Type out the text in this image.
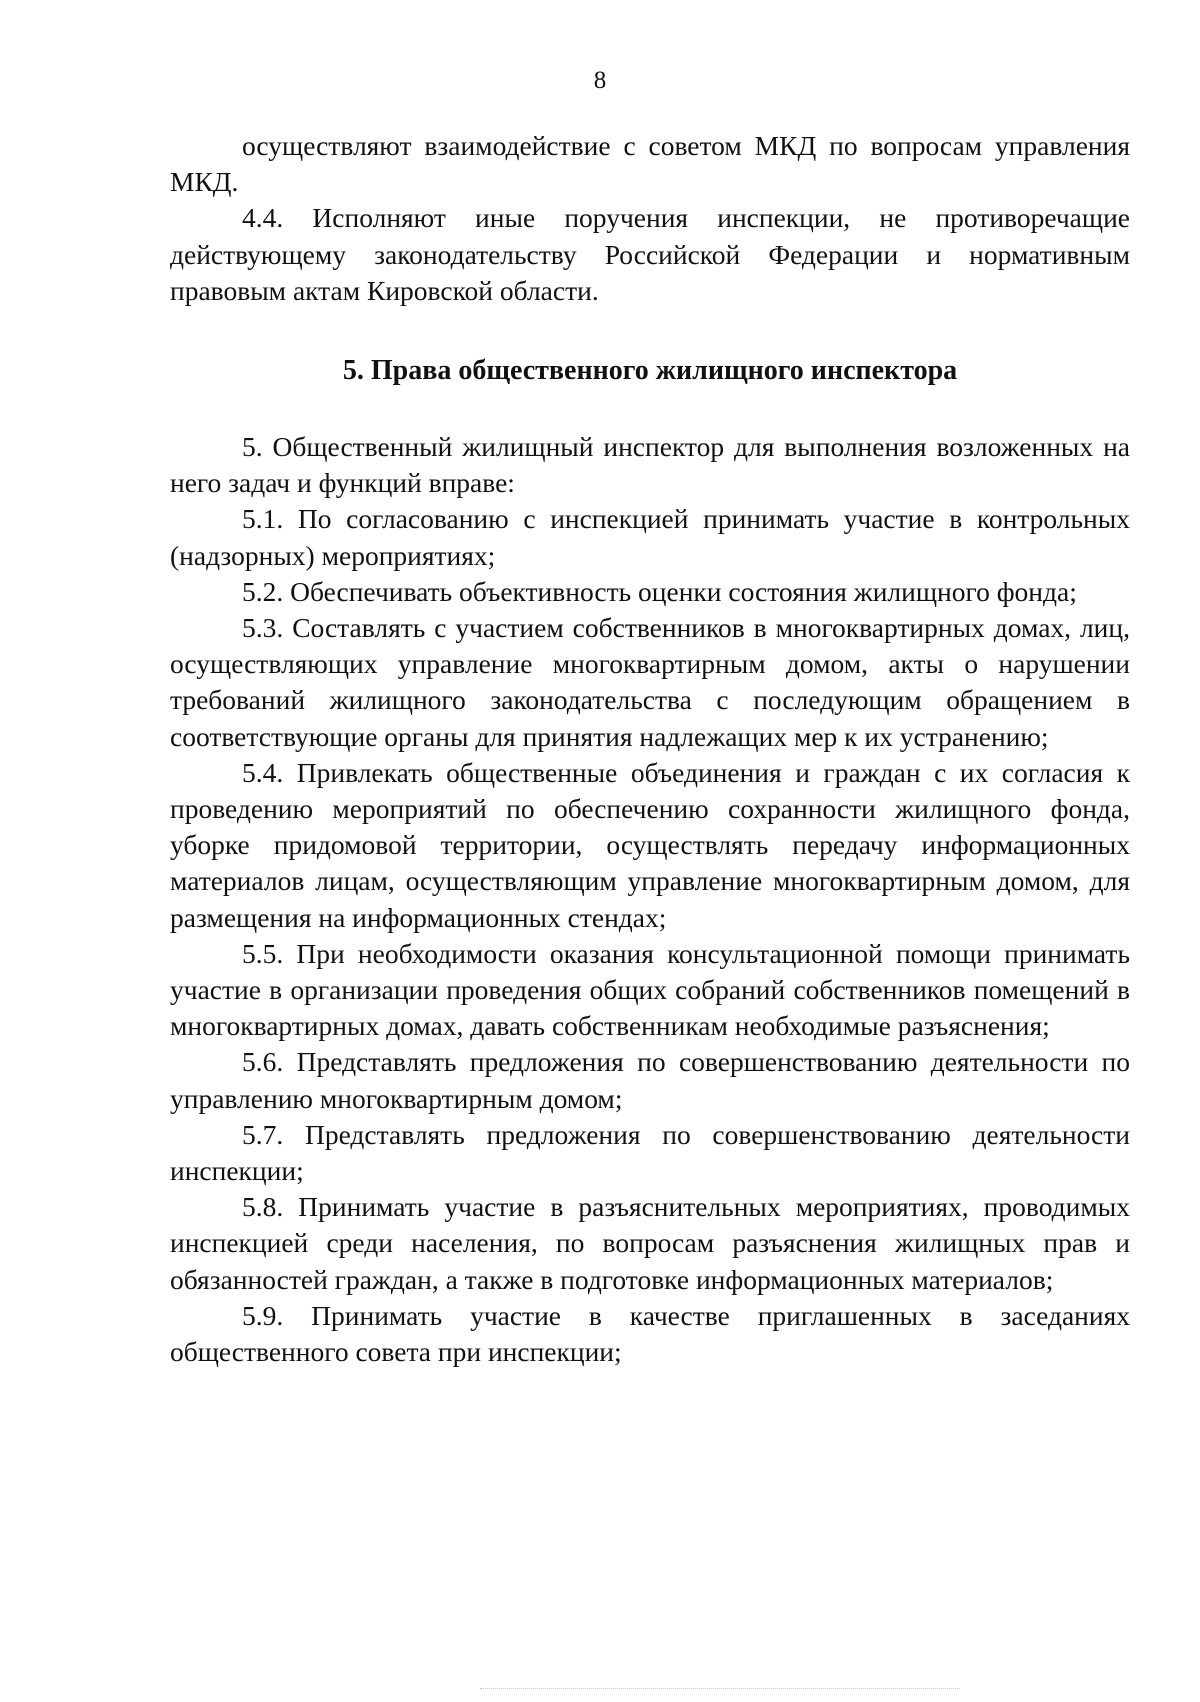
8

осуществляют взаимодействие с советом МКД по вопросам управления МКД.

4.4. Исполняют иные поручения инспекции, не противоречащие действующему законодательству Российской Федерации и нормативным правовым актам Кировской области.

5. Права общественного жилищного инспектора

5. Общественный жилищный инспектор для выполнения возложенных на него задач и функций вправе:

5.1. По согласованию с инспекцией принимать участие в контрольных (надзорных) мероприятиях;

5.2. Обеспечивать объективность оценки состояния жилищного фонда;

5.3. Составлять с участием собственников в многоквартирных домах, лиц, осуществляющих управление многоквартирным домом, акты о нарушении требований жилищного законодательства с последующим обращением в соответствующие органы для принятия надлежащих мер к их устранению;

5.4. Привлекать общественные объединения и граждан с их согласия к проведению мероприятий по обеспечению сохранности жилищного фонда, уборке придомовой территории, осуществлять передачу информационных материалов лицам, осуществляющим управление многоквартирным домом, для размещения на информационных стендах;

5.5. При необходимости оказания консультационной помощи принимать участие в организации проведения общих собраний собственников помещений в многоквартирных домах, давать собственникам необходимые разъяснения;

5.6. Представлять предложения по совершенствованию деятельности по управлению многоквартирным домом;

5.7. Представлять предложения по совершенствованию деятельности инспекции;

5.8. Принимать участие в разъяснительных мероприятиях, проводимых инспекцией среди населения, по вопросам разъяснения жилищных прав и обязанностей граждан, а также в подготовке информационных материалов;

5.9. Принимать участие в качестве приглашенных в заседаниях общественного совета при инспекции;
